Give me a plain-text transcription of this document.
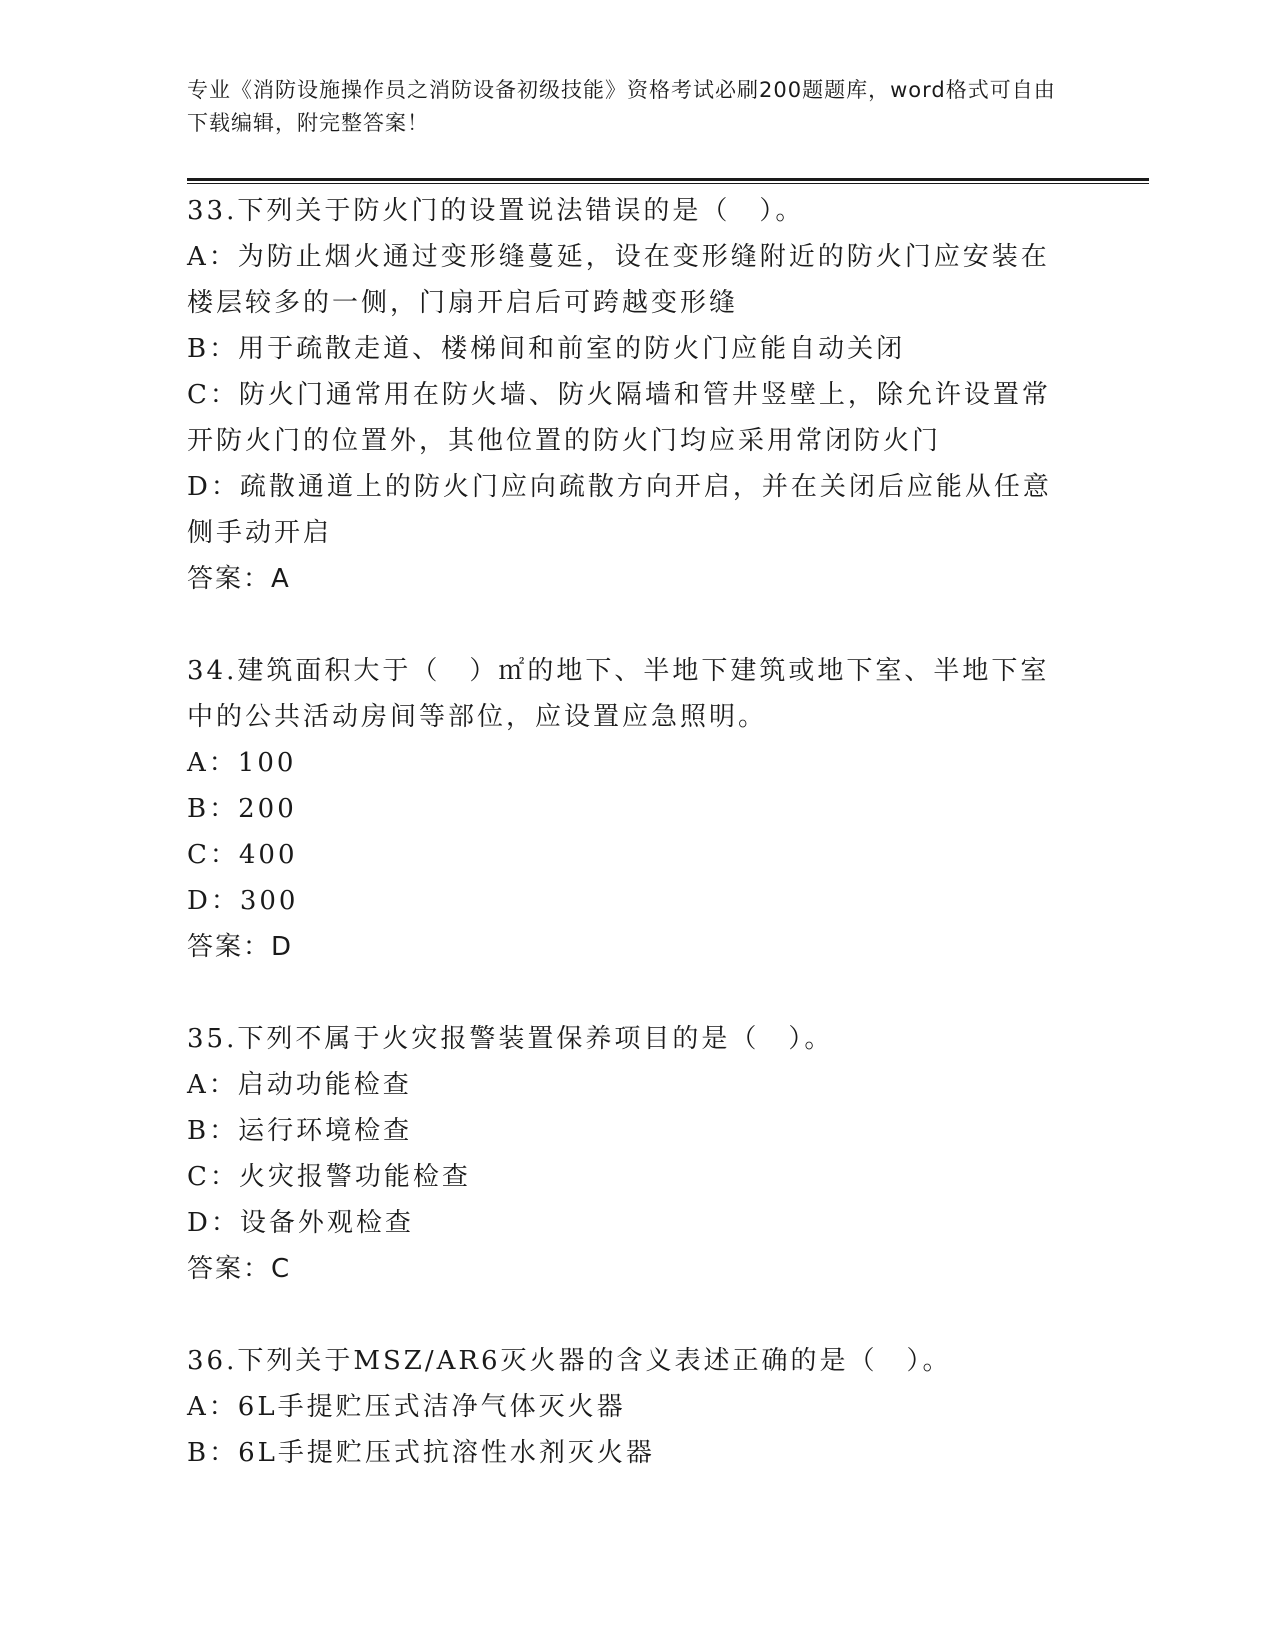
专业《消防设施操作员之消防设备初级技能》资格考试必刷200题题库，word格式可自由下载编辑，附完整答案！
33.下列关于防火门的设置说法错误的是（　）。
A：为防止烟火通过变形缝蔓延，设在变形缝附近的防火门应安装在楼层较多的一侧，门扇开启后可跨越变形缝
B：用于疏散走道、楼梯间和前室的防火门应能自动关闭
C：防火门通常用在防火墙、防火隔墙和管井竖壁上，除允许设置常开防火门的位置外，其他位置的防火门均应采用常闭防火门
D：疏散通道上的防火门应向疏散方向开启，并在关闭后应能从任意侧手动开启
答案：A
34.建筑面积大于（　）㎡的地下、半地下建筑或地下室、半地下室中的公共活动房间等部位，应设置应急照明。
A：100
B：200
C：400
D：300
答案：D
35.下列不属于火灾报警装置保养项目的是（　）。
A：启动功能检查
B：运行环境检查
C：火灾报警功能检查
D：设备外观检查
答案：C
36.下列关于MSZ/AR6灭火器的含义表述正确的是（　）。
A：6L手提贮压式洁净气体灭火器
B：6L手提贮压式抗溶性水剂灭火器
